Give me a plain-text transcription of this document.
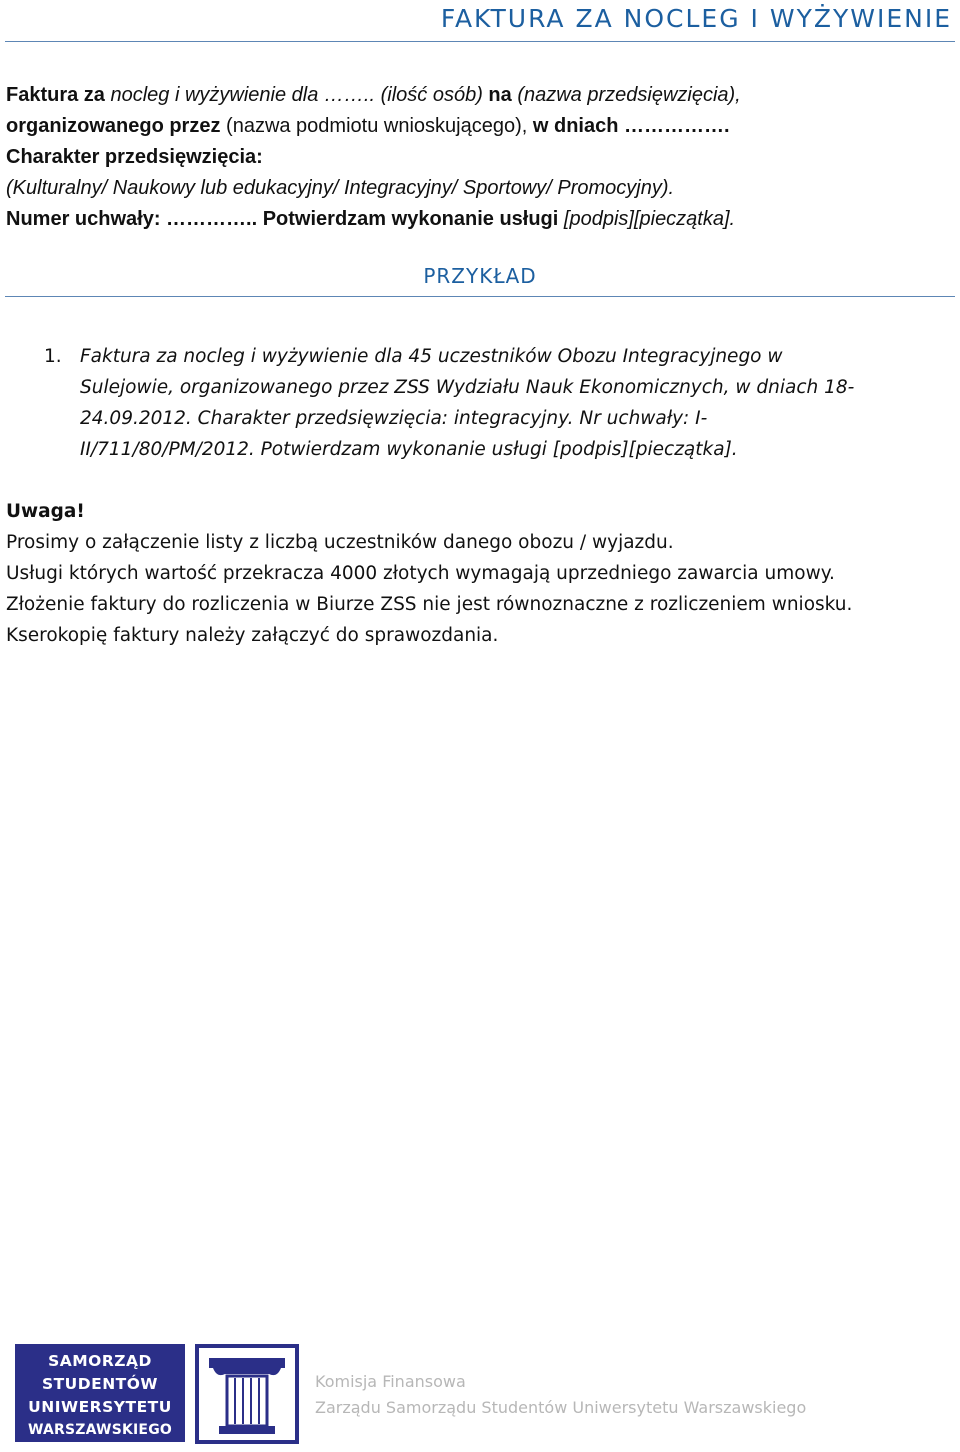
FAKTURA ZA NOCLEG I WYŻYWIENIE

Faktura za nocleg i wyżywienie dla …….. (ilość osób) na (nazwa przedsięwzięcia),

organizowanego przez (nazwa podmiotu wnioskującego), w dniach …………….

Charakter przedsięwzięcia:

(Kulturalny/ Naukowy lub edukacyjny/ Integracyjny/ Sportowy/ Promocyjny).

Numer uchwały: ………….. Potwierdzam wykonanie usługi [podpis][pieczątka].

PRZYKŁAD
1. Faktura za nocleg i wyżywienie dla 45 uczestników Obozu Integracyjnego w
Sulejowie, organizowanego przez ZSS Wydziału Nauk Ekonomicznych, w dniach 18-
24.09.2012. Charakter przedsięwzięcia: integracyjny. Nr uchwały: I-
II/711/80/PM/2012. Potwierdzam wykonanie usługi [podpis][pieczątka].

Uwaga!

Prosimy o załączenie listy z liczbą uczestników danego obozu / wyjazdu.

Usługi których wartość przekracza 4000 złotych wymagają uprzedniego zawarcia umowy.

Złożenie faktury do rozliczenia w Biurze ZSS nie jest równoznaczne z rozliczeniem wniosku.

Kserokopię faktury należy załączyć do sprawozdania.

SAMORZĄD
STUDENTÓW
UNIWERSYTETU
WARSZAWSKIEGO
Komisja Finansowa
Zarządu Samorządu Studentów Uniwersytetu Warszawskiego
